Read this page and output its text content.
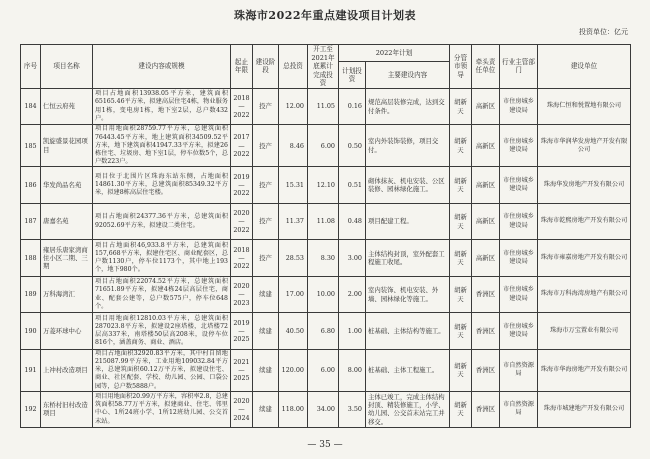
珠海市2022年重点建设项目计划表
投资单位：亿元
序号	项目名称	建设内容或规模	起止年限	建设阶段	总投资	开工至2021年底累计完成投资	2022年计划		分管市领导	牵头责任单位	行业主管部门	建设单位
							计划投资	主要建设内容				
184	仁恒云府苑	项目占地面积13938.05平方米，建筑面积65165.46平方米，拟建高层住宅4栋，物业服务用1栋，变电房1栋，地下室2层，总户数432户。	2018—2022	投产	12.00	11.05	0.16	规范高层装修完成，达到交付条件。	胡新天	高新区	市住房城乡建设局	珠海仁恒和悦置地有限公司
185	凯旋盛景花园项目	项目用地面积28759.77平方米，总建筑面积76443.45平方米，地上建筑面积34509.52平方米，地下建筑面积41947.33平方米，拟建26栋住宅、垃圾房、地下室1层，停车位数5个，总户数223户。	2017—2022	投产	8.46	6.00	0.50	室内外装饰装修，项目交付。	胡新天	高新区	市住房城乡建设局	珠海市华润华发房地产开发有限公司
186	华发尚品名苑	项目位于北围片区珠海东站东侧，占地面积14861.30平方米，总建筑面积85349.32平方米，拟建8栋高层住宅楼。	2019—2022	投产	15.31	12.10	0.51	砌体抹灰、机电安装、公区装修、园林绿化施工。	胡新天	高新区	市住房城乡建设局	珠海华发房地产开发有限公司
187	唐嘉名苑	项目占地面积24377.36平方米，总建筑面积92052.69平方米，拟建设二类住宅。	2020—2022	投产	11.37	11.08	0.48	项目配建工程。	胡新天	高新区	市住房城乡建设局	珠海市乾熙房地产开发有限公司
188	雍居乐唐家湾商住小区二期、三期	项目占地面积46,933.8平方米，总建筑面积157,668平方米，拟建住宅区、商业配套区，总户数1130户，停车位1173个，其中地上193个，地下980个。	2018—2022	投产	28.53	8.30	3.00	主体结构封顶，室外配套工程施工收尾。	胡新天	高新区	市住房城乡建设局	珠海市雍嘉房地产开发有限公司
189	万科海湾汇	项目占地面积22074.52平方米，总建筑面积71651.89平方米，拟建4栋24层高层住宅，商业、配套公建等，总户数575户，停车位648个。	2020—2023	续建	17.00	10.00	2.00	室内装饰、机电安装、外墙、园林绿化等施工。	胡新天	香洲区	市住房城乡建设局	珠海市万科海湾房地产有限公司
190	万菱环球中心	项目用地面积12810.03平方米，总建筑面积287023.8平方米，拟建设2座塔楼，北塔楼72层高337米，南塔楼50层高208米，设停车位816个，涵盖商务、商业、酒店。	2019—2025	续建	40.50	6.80	1.00	桩基础、主体结构等施工。	胡新天	香洲区	市住房城乡建设局	珠海市万宝置业有限公司
191	上冲村改造项目	项目占地面积32920.83平方米，其中村自留地215087.99平方米，工业用地109032.84平方米，总建筑面积60.12万平方米，拟建设住宅、商业、社区配套、学校、幼儿园、公园、口袋公园等，总户数5888户。	2021—2025	续建	120.00	6.00	8.00	桩基础、主体工程施工。	胡新天	香洲区	市自然资源局	珠海市华海房地产开发有限公司
192	东桥村旧村改造项目	项目用地面积20.99万平方米，容积率2.8，总建筑面积58.77万平方米，拟建商业、住宅、邻里中心、1所24班小学、1所12班幼儿园、公交首末站。	2020—2024	续建	118.00	34.00	3.50	主体已竣工，完成主体结构封顶、精装修施工，小学、幼儿园、公交首末站完工并移交。	胡新天	香洲区	市自然资源局	珠海市城建地产开发有限公司
— 35 —
